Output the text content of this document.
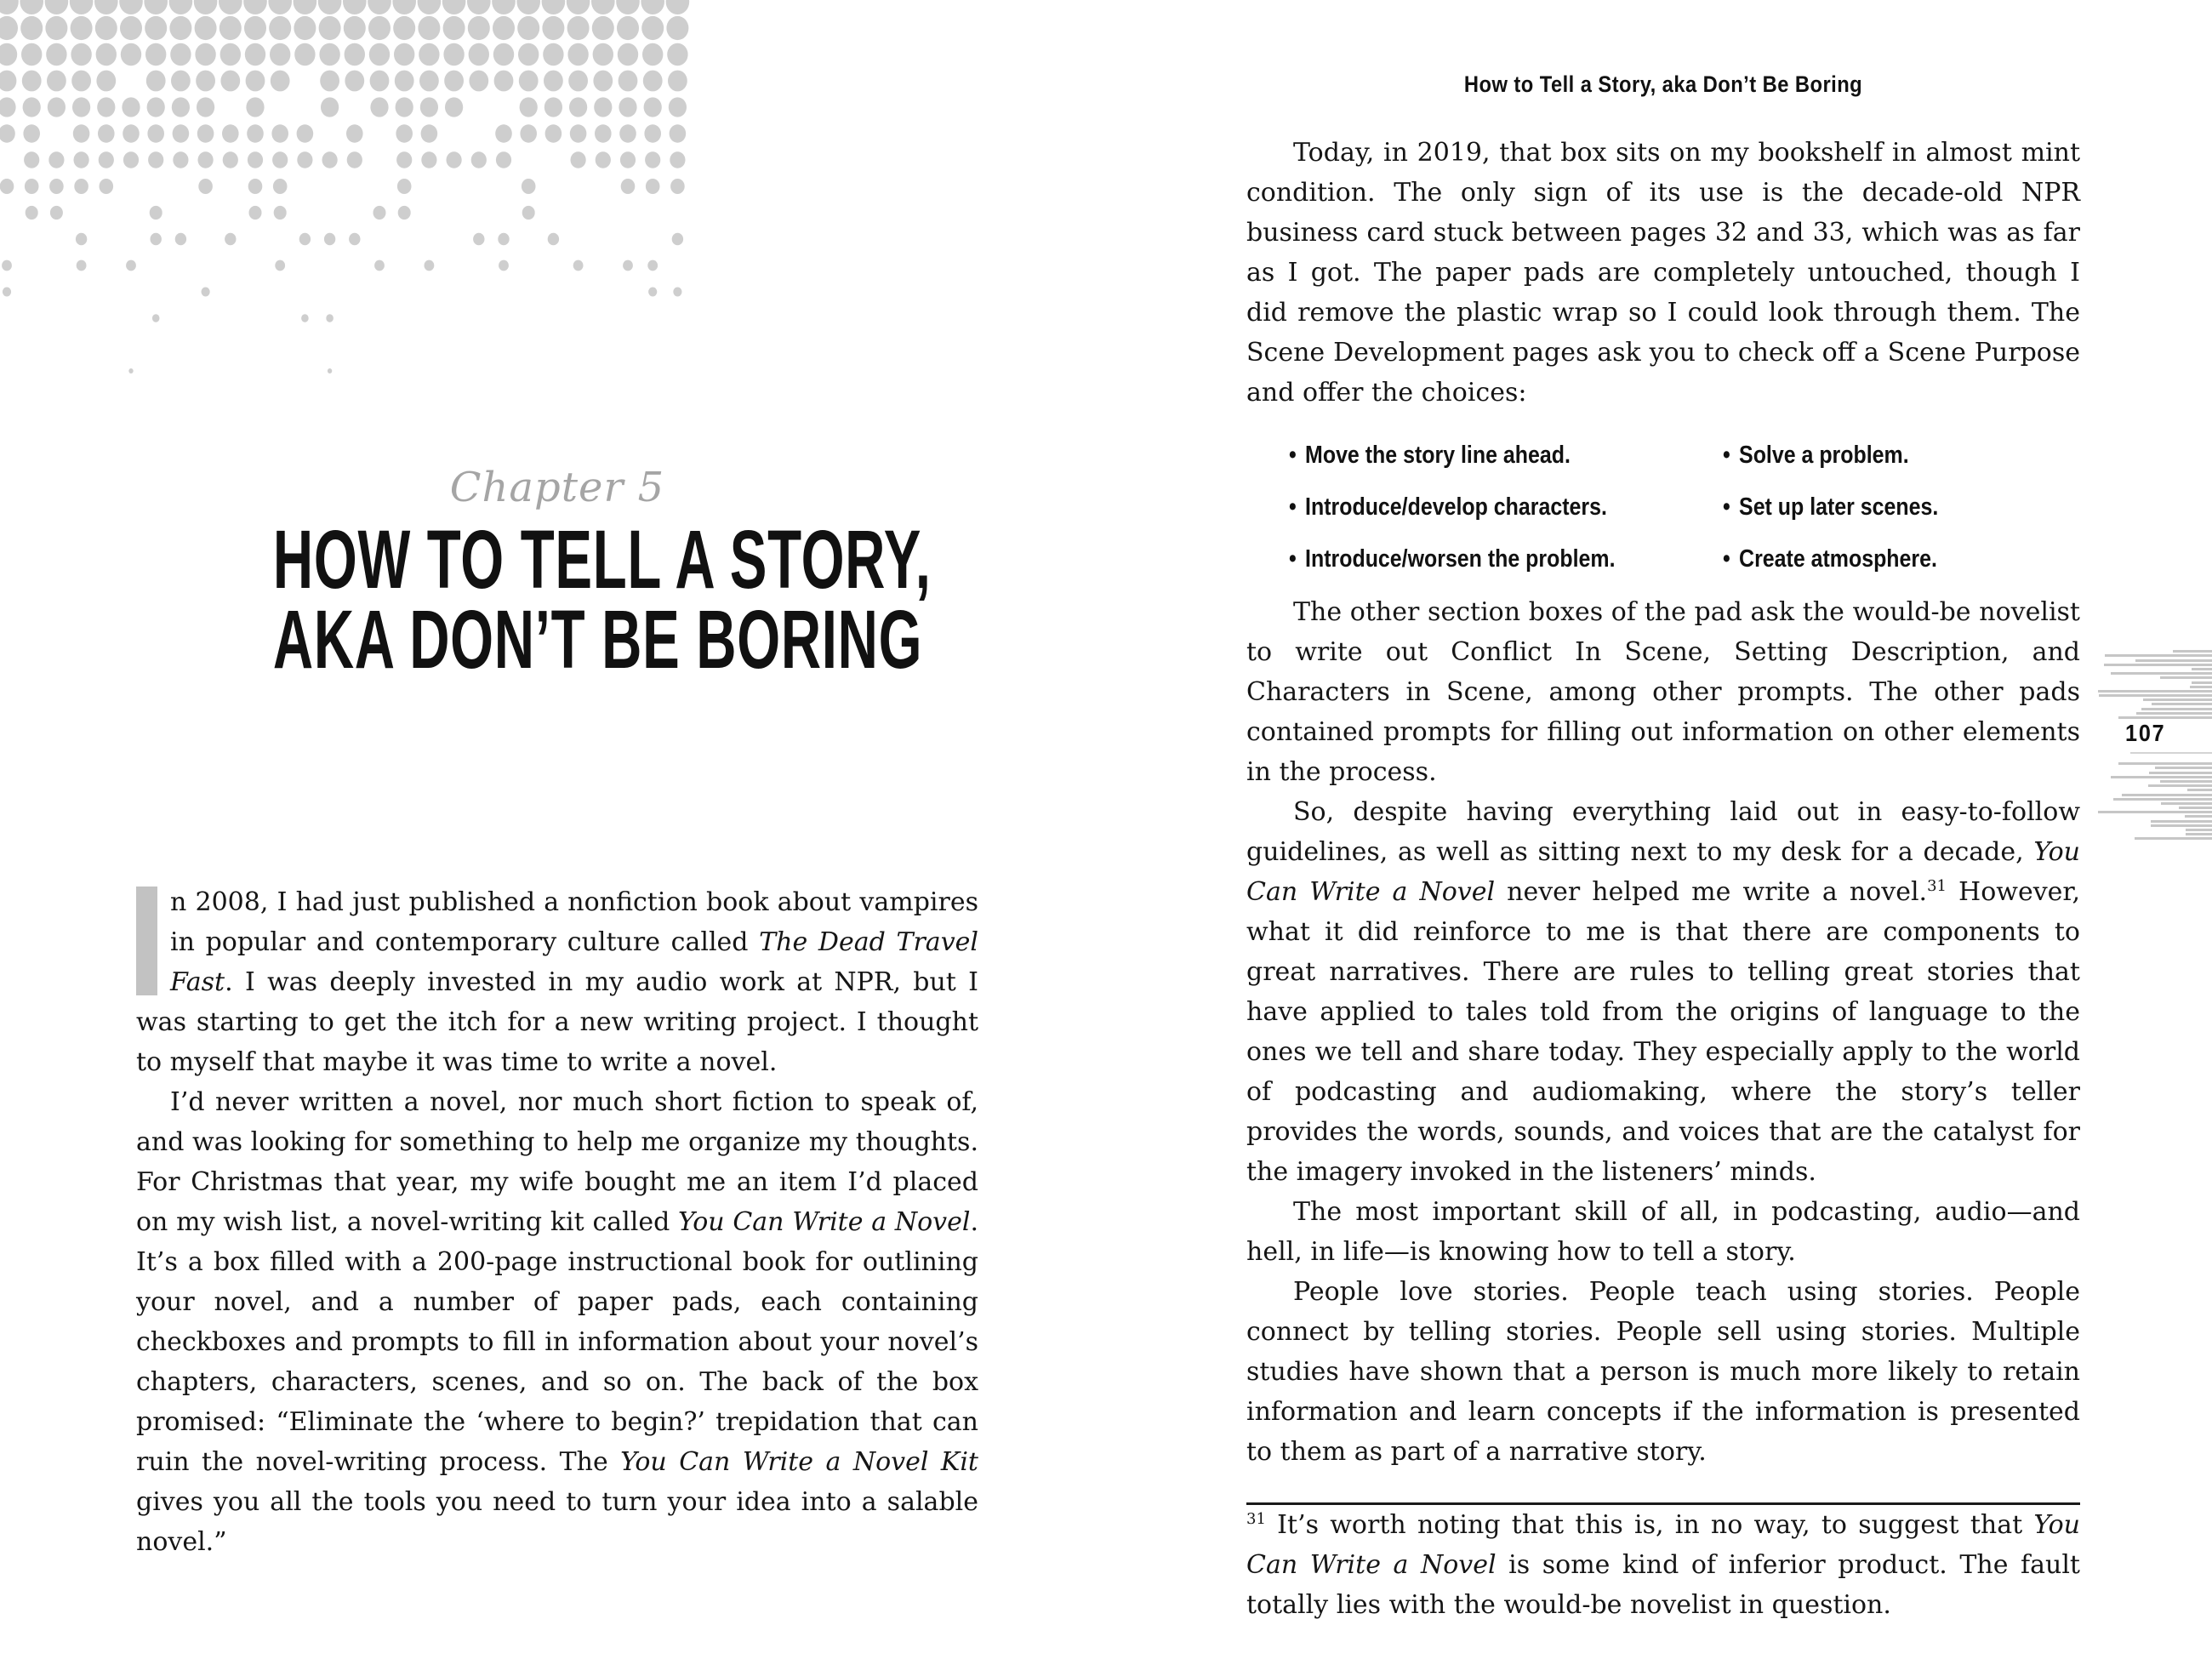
Chapter 5
HOW TO TELL A STORY,
AKA DON’T BE BORING

n 2008, I had just published a nonfiction book about vampires in popular and contemporary culture called The Dead Travel Fast. I was deeply invested in my audio work at NPR, but I was starting to get the itch for a new writing project. I thought to myself that maybe it was time to write a novel.

I’d never written a novel, nor much short fiction to speak of, and was looking for something to help me organize my thoughts. For Christmas that year, my wife bought me an item I’d placed on my wish list, a novel-writing kit called You Can Write a Novel. It’s a box filled with a 200-page instructional book for outlining your novel, and a number of paper pads, each containing checkboxes and prompts to fill in information about your novel’s chapters, characters, scenes, and so on. The back of the box promised: “Eliminate the ‘where to begin?’ trepidation that can ruin the novel-writing process. The You Can Write a Novel Kit gives you all the tools you need to turn your idea into a salable novel.”

How to Tell a Story, aka Don’t Be Boring

Today, in 2019, that box sits on my bookshelf in almost mint condition. The only sign of its use is the decade-old NPR business card stuck between pages 32 and 33, which was as far as I got. The paper pads are completely untouched, though I did remove the plastic wrap so I could look through them. The Scene Development pages ask you to check off a Scene Purpose and offer the choices:

• Move the story line ahead.
• Introduce/develop characters.
• Introduce/worsen the problem.
• Solve a problem.
• Set up later scenes.
• Create atmosphere.

The other section boxes of the pad ask the would-be novelist to write out Conflict In Scene, Setting Description, and Characters in Scene, among other prompts. The other pads contained prompts for filling out information on other elements in the process.

So, despite having everything laid out in easy-to-follow guidelines, as well as sitting next to my desk for a decade, You Can Write a Novel never helped me write a novel.$^{31}$ However, what it did reinforce to me is that there are components to great narratives. There are rules to telling great stories that have applied to tales told from the origins of language to the ones we tell and share today. They especially apply to the world of podcasting and audiomaking, where the story’s teller provides the words, sounds, and voices that are the catalyst for the imagery invoked in the listeners’ minds.

The most important skill of all, in podcasting, audio—and hell, in life—is knowing how to tell a story.

People love stories. People teach using stories. People connect by telling stories. People sell using stories. Multiple studies have shown that a person is much more likely to retain information and learn concepts if the information is presented to them as part of a narrative story.

$^{31}$ It’s worth noting that this is, in no way, to suggest that You Can Write a Novel is some kind of inferior product. The fault totally lies with the would-be novelist in question.

107
